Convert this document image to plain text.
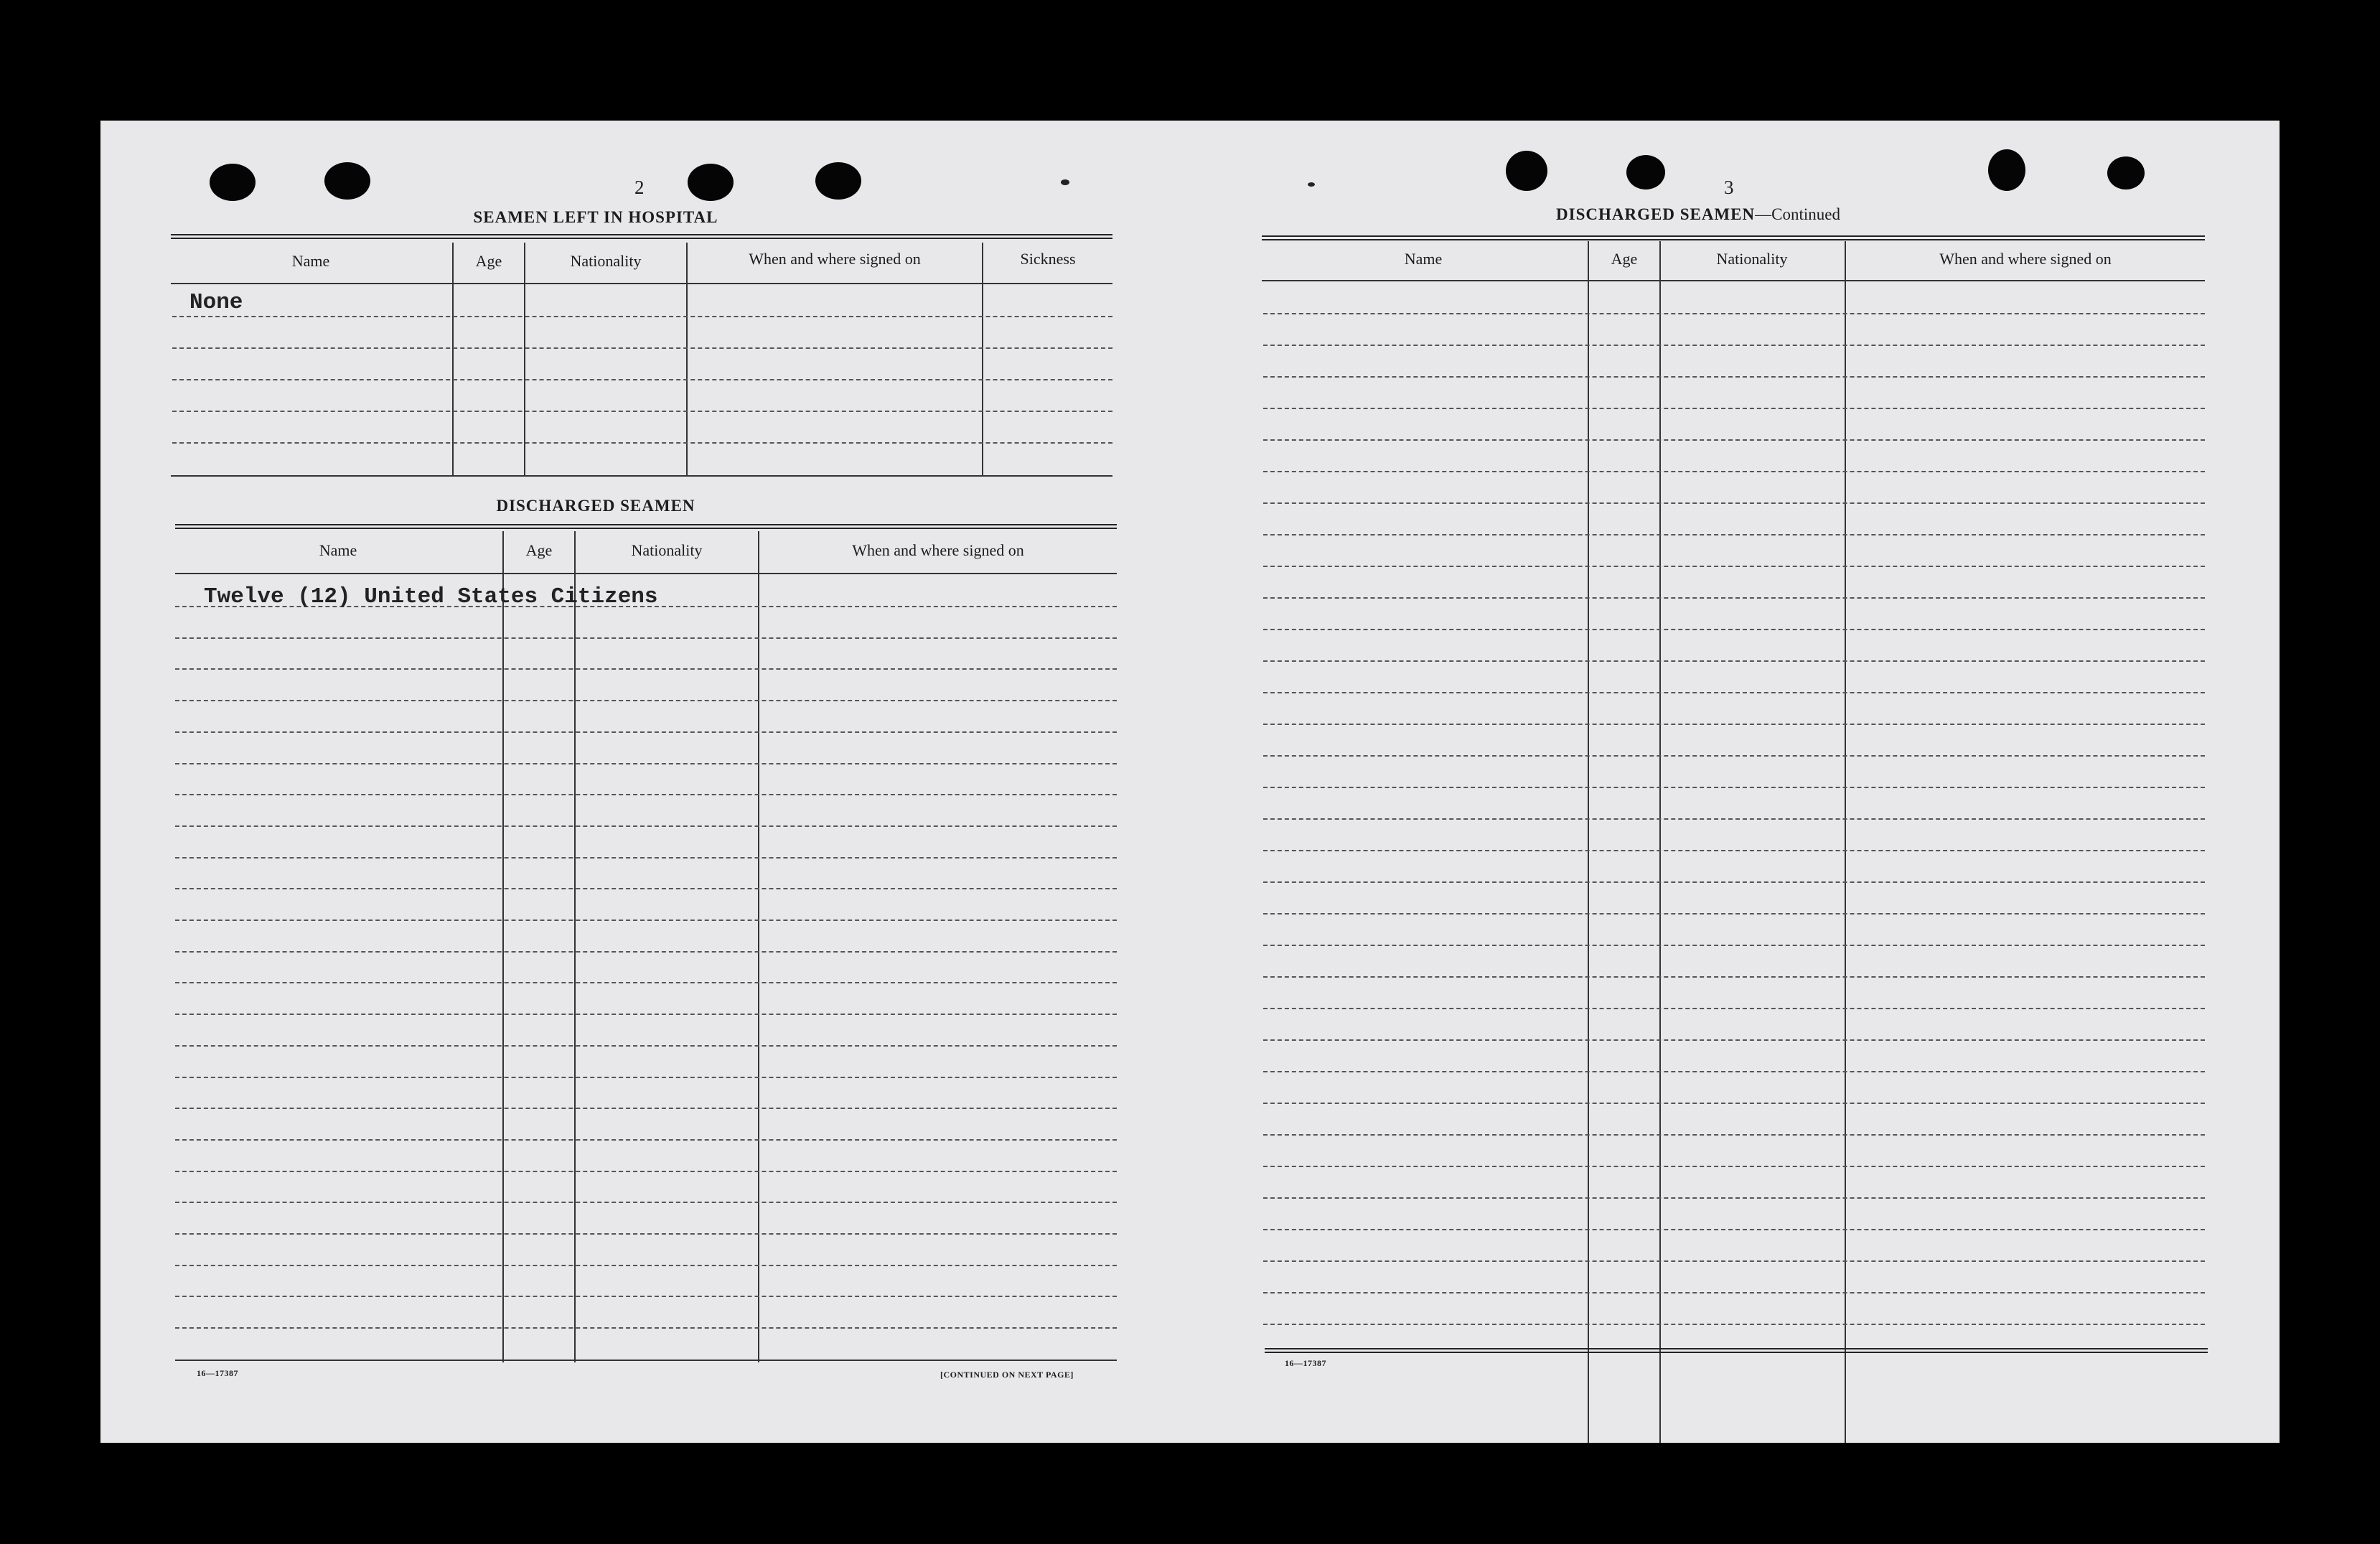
2
SEAMEN LEFT IN HOSPITAL
Name	Age	Nationality	When and where signed on	Sickness
None
DISCHARGED SEAMEN
Name	Age	Nationality	When and where signed on
Twelve (12) United States Citizens
16—17387	[CONTINUED ON NEXT PAGE]
3
DISCHARGED SEAMEN—Continued
Name	Age	Nationality	When and where signed on
16—17387
